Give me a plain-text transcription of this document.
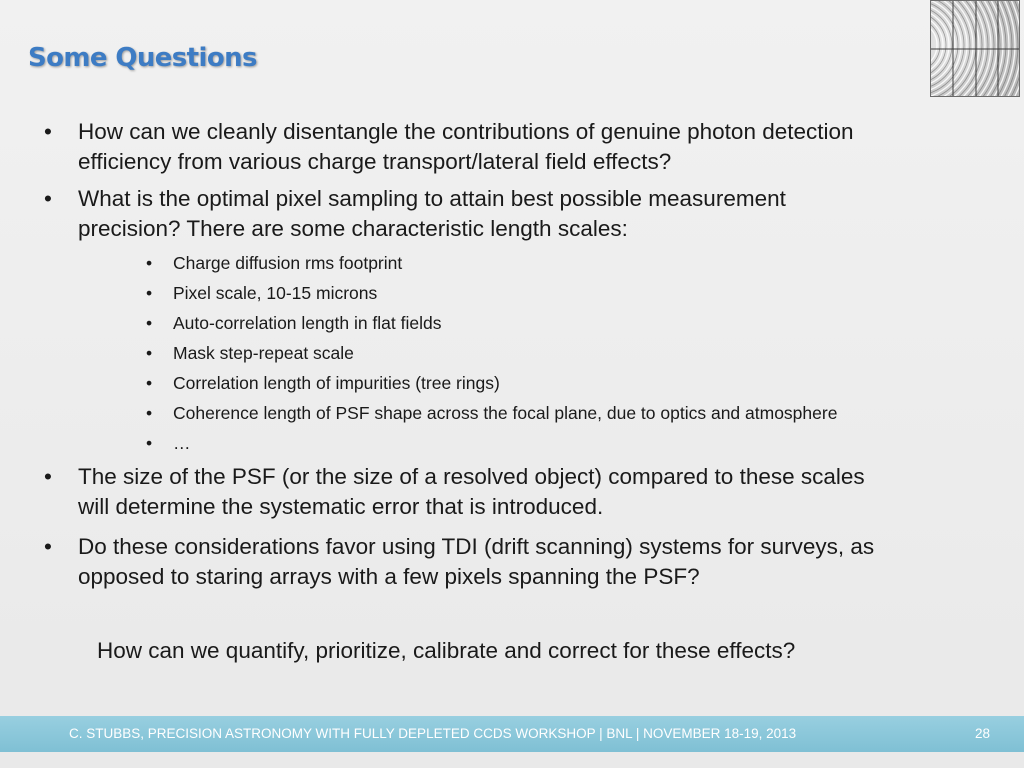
Some Questions
• How can we cleanly disentangle the contributions of genuine photon detection
efficiency from various charge transport/lateral field effects?
• What is the optimal pixel sampling to attain best possible measurement
precision? There are some characteristic length scales:
• Charge diffusion rms footprint
• Pixel scale, 10-15 microns
• Auto-correlation length in flat fields
• Mask step-repeat scale
• Correlation length of impurities (tree rings)
• Coherence length of PSF shape across the focal plane, due to optics and atmosphere
• …
• The size of the PSF (or the size of a resolved object) compared to these scales
will determine the systematic error that is introduced.
• Do these considerations favor using TDI (drift scanning) systems for surveys, as
opposed to staring arrays with a few pixels spanning the PSF?
How can we quantify, prioritize, calibrate and correct for these effects?
C. STUBBS, PRECISION ASTRONOMY WITH FULLY DEPLETED CCDS WORKSHOP | BNL | NOVEMBER 18-19, 2013	28
